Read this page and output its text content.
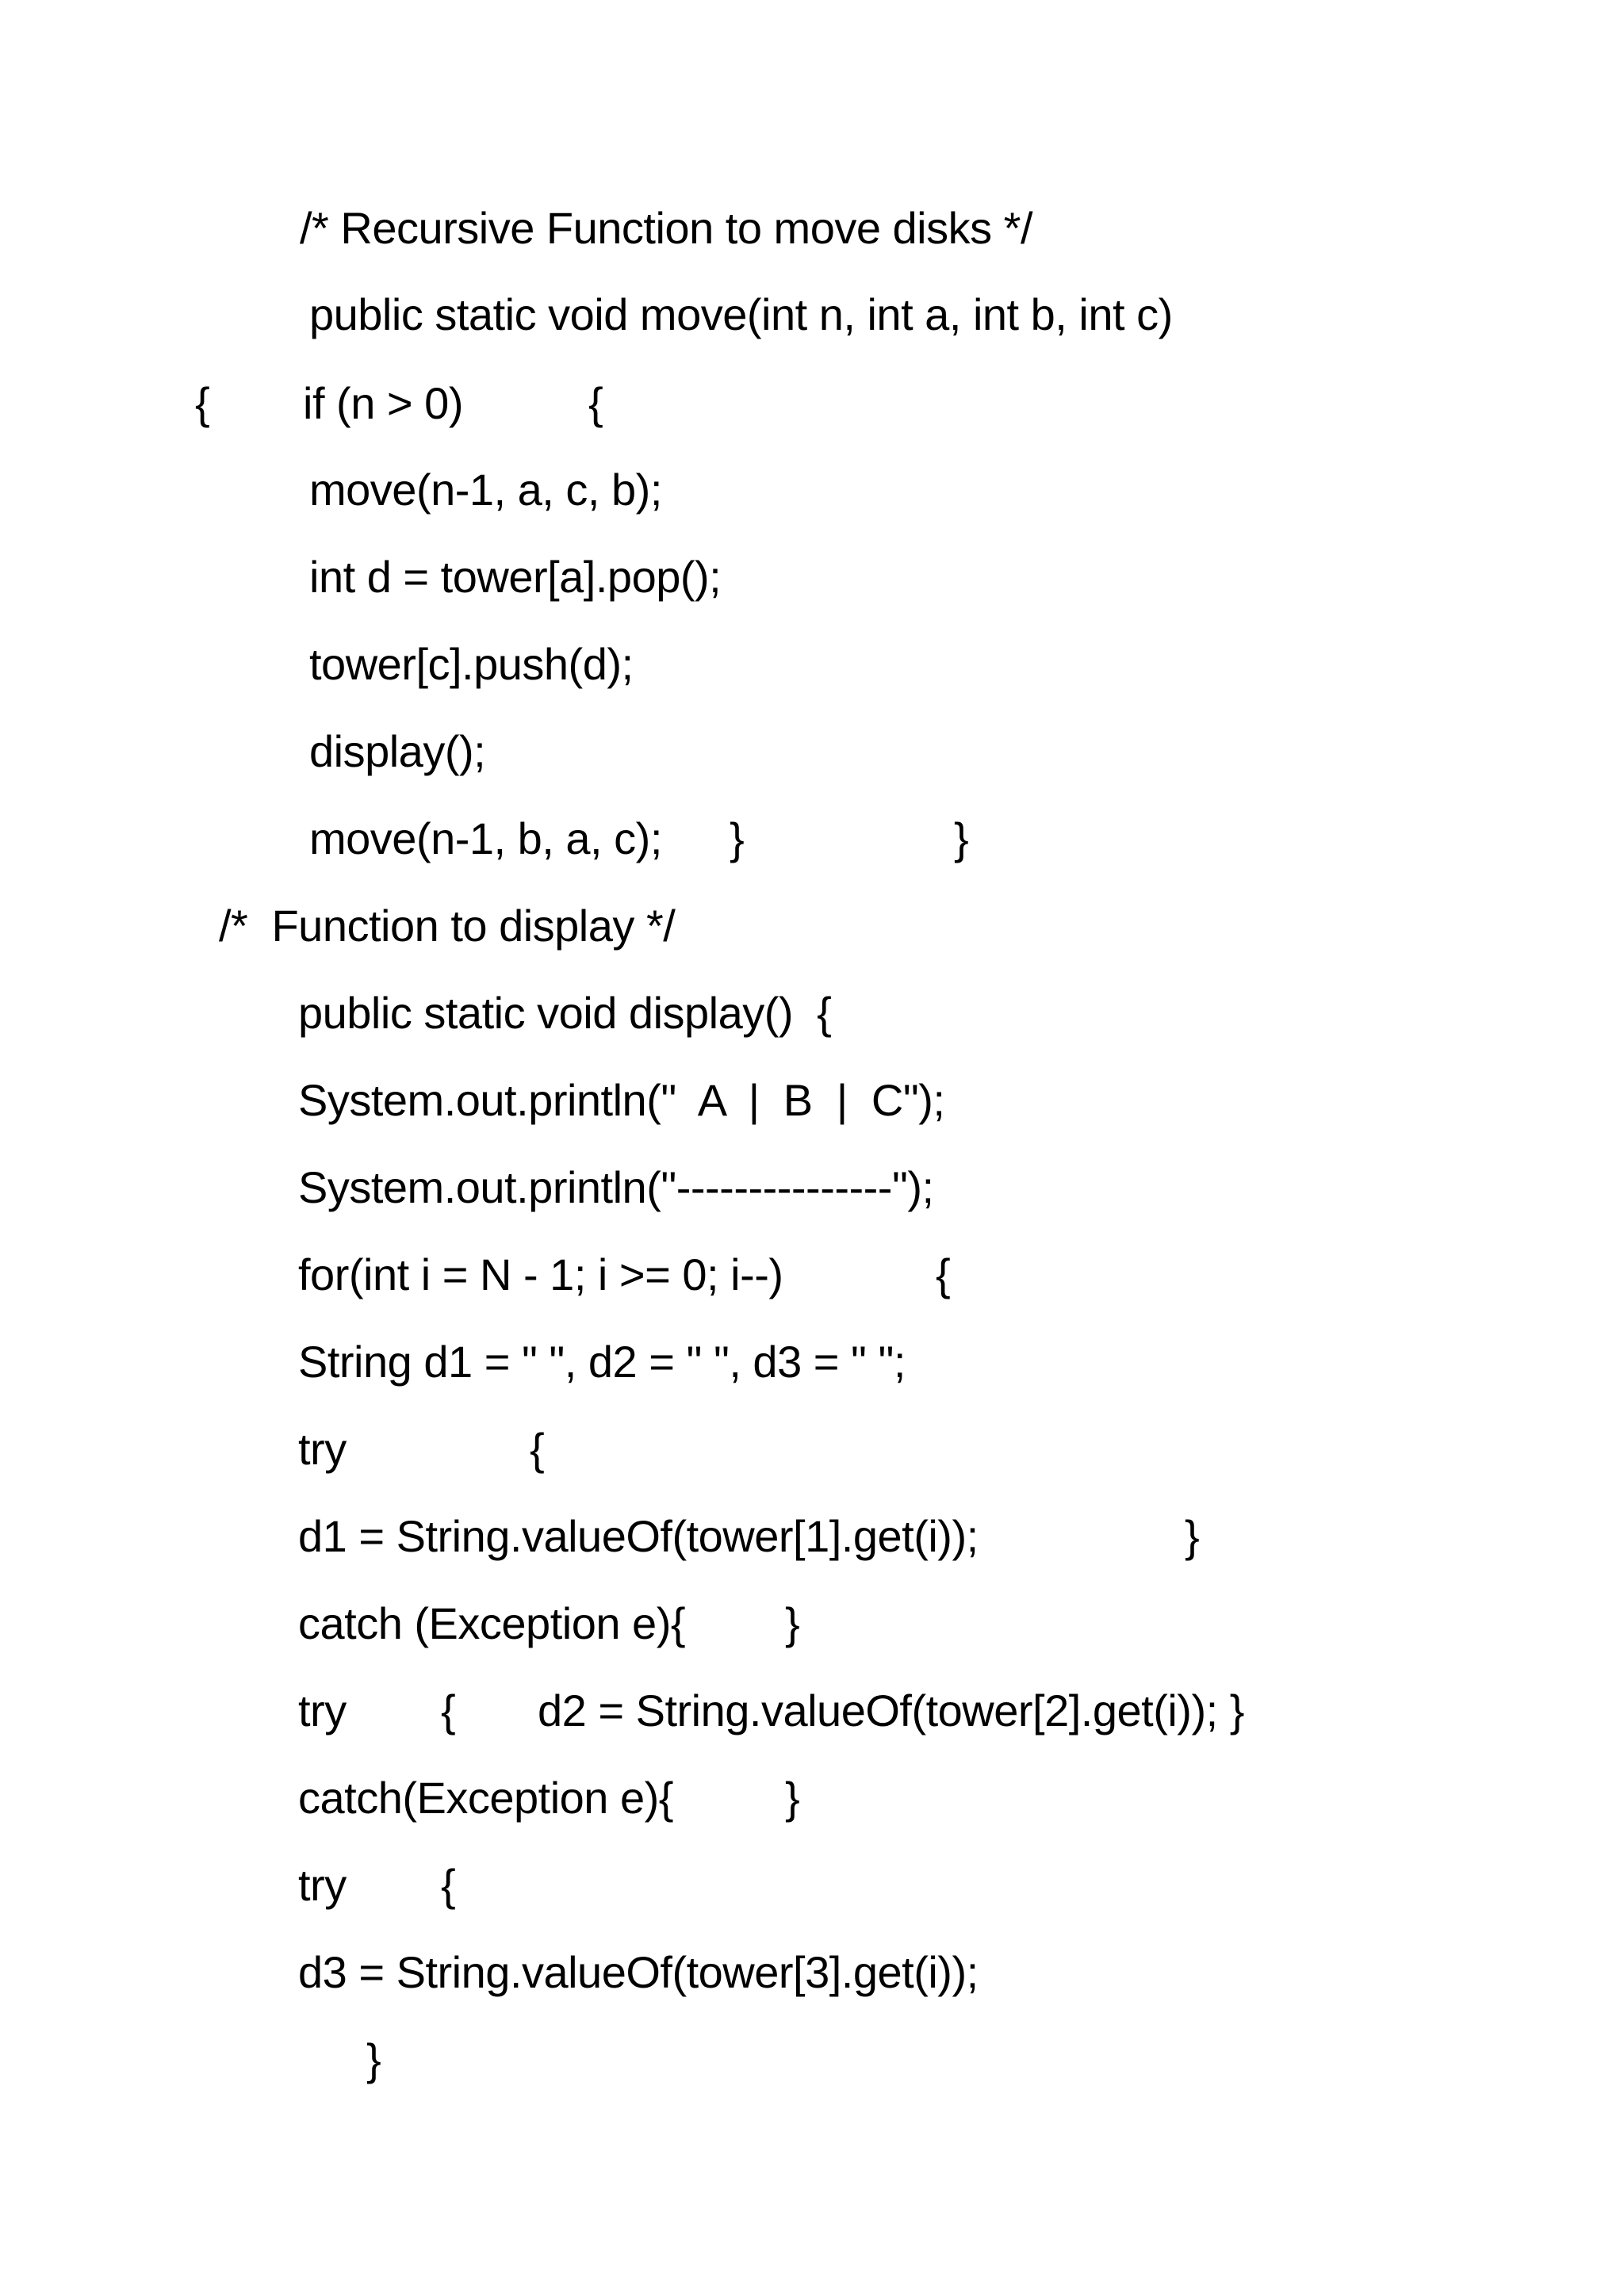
/* Recursive Function to move disks */
public static void move(int n, int a, int b, int c)
{ if (n > 0)	{
move(n-1, a, c, b);
int d = tower[a].pop();
tower[c].push(d);
display();
move(n-1, b, a, c); }	}
/*  Function to display */
public static void display()  {
System.out.println("  A  |  B  |  C");
System.out.println("---------------");
for(int i = N - 1; i >= 0; i--)	{
String d1 = " ", d2 = " ", d3 = " ";
try	{
d1 = String.valueOf(tower[1].get(i));	}
catch (Exception e){ }
try { d2 = String.valueOf(tower[2].get(i)); }
catch(Exception e){	}
try {
d3 = String.valueOf(tower[3].get(i));
}
